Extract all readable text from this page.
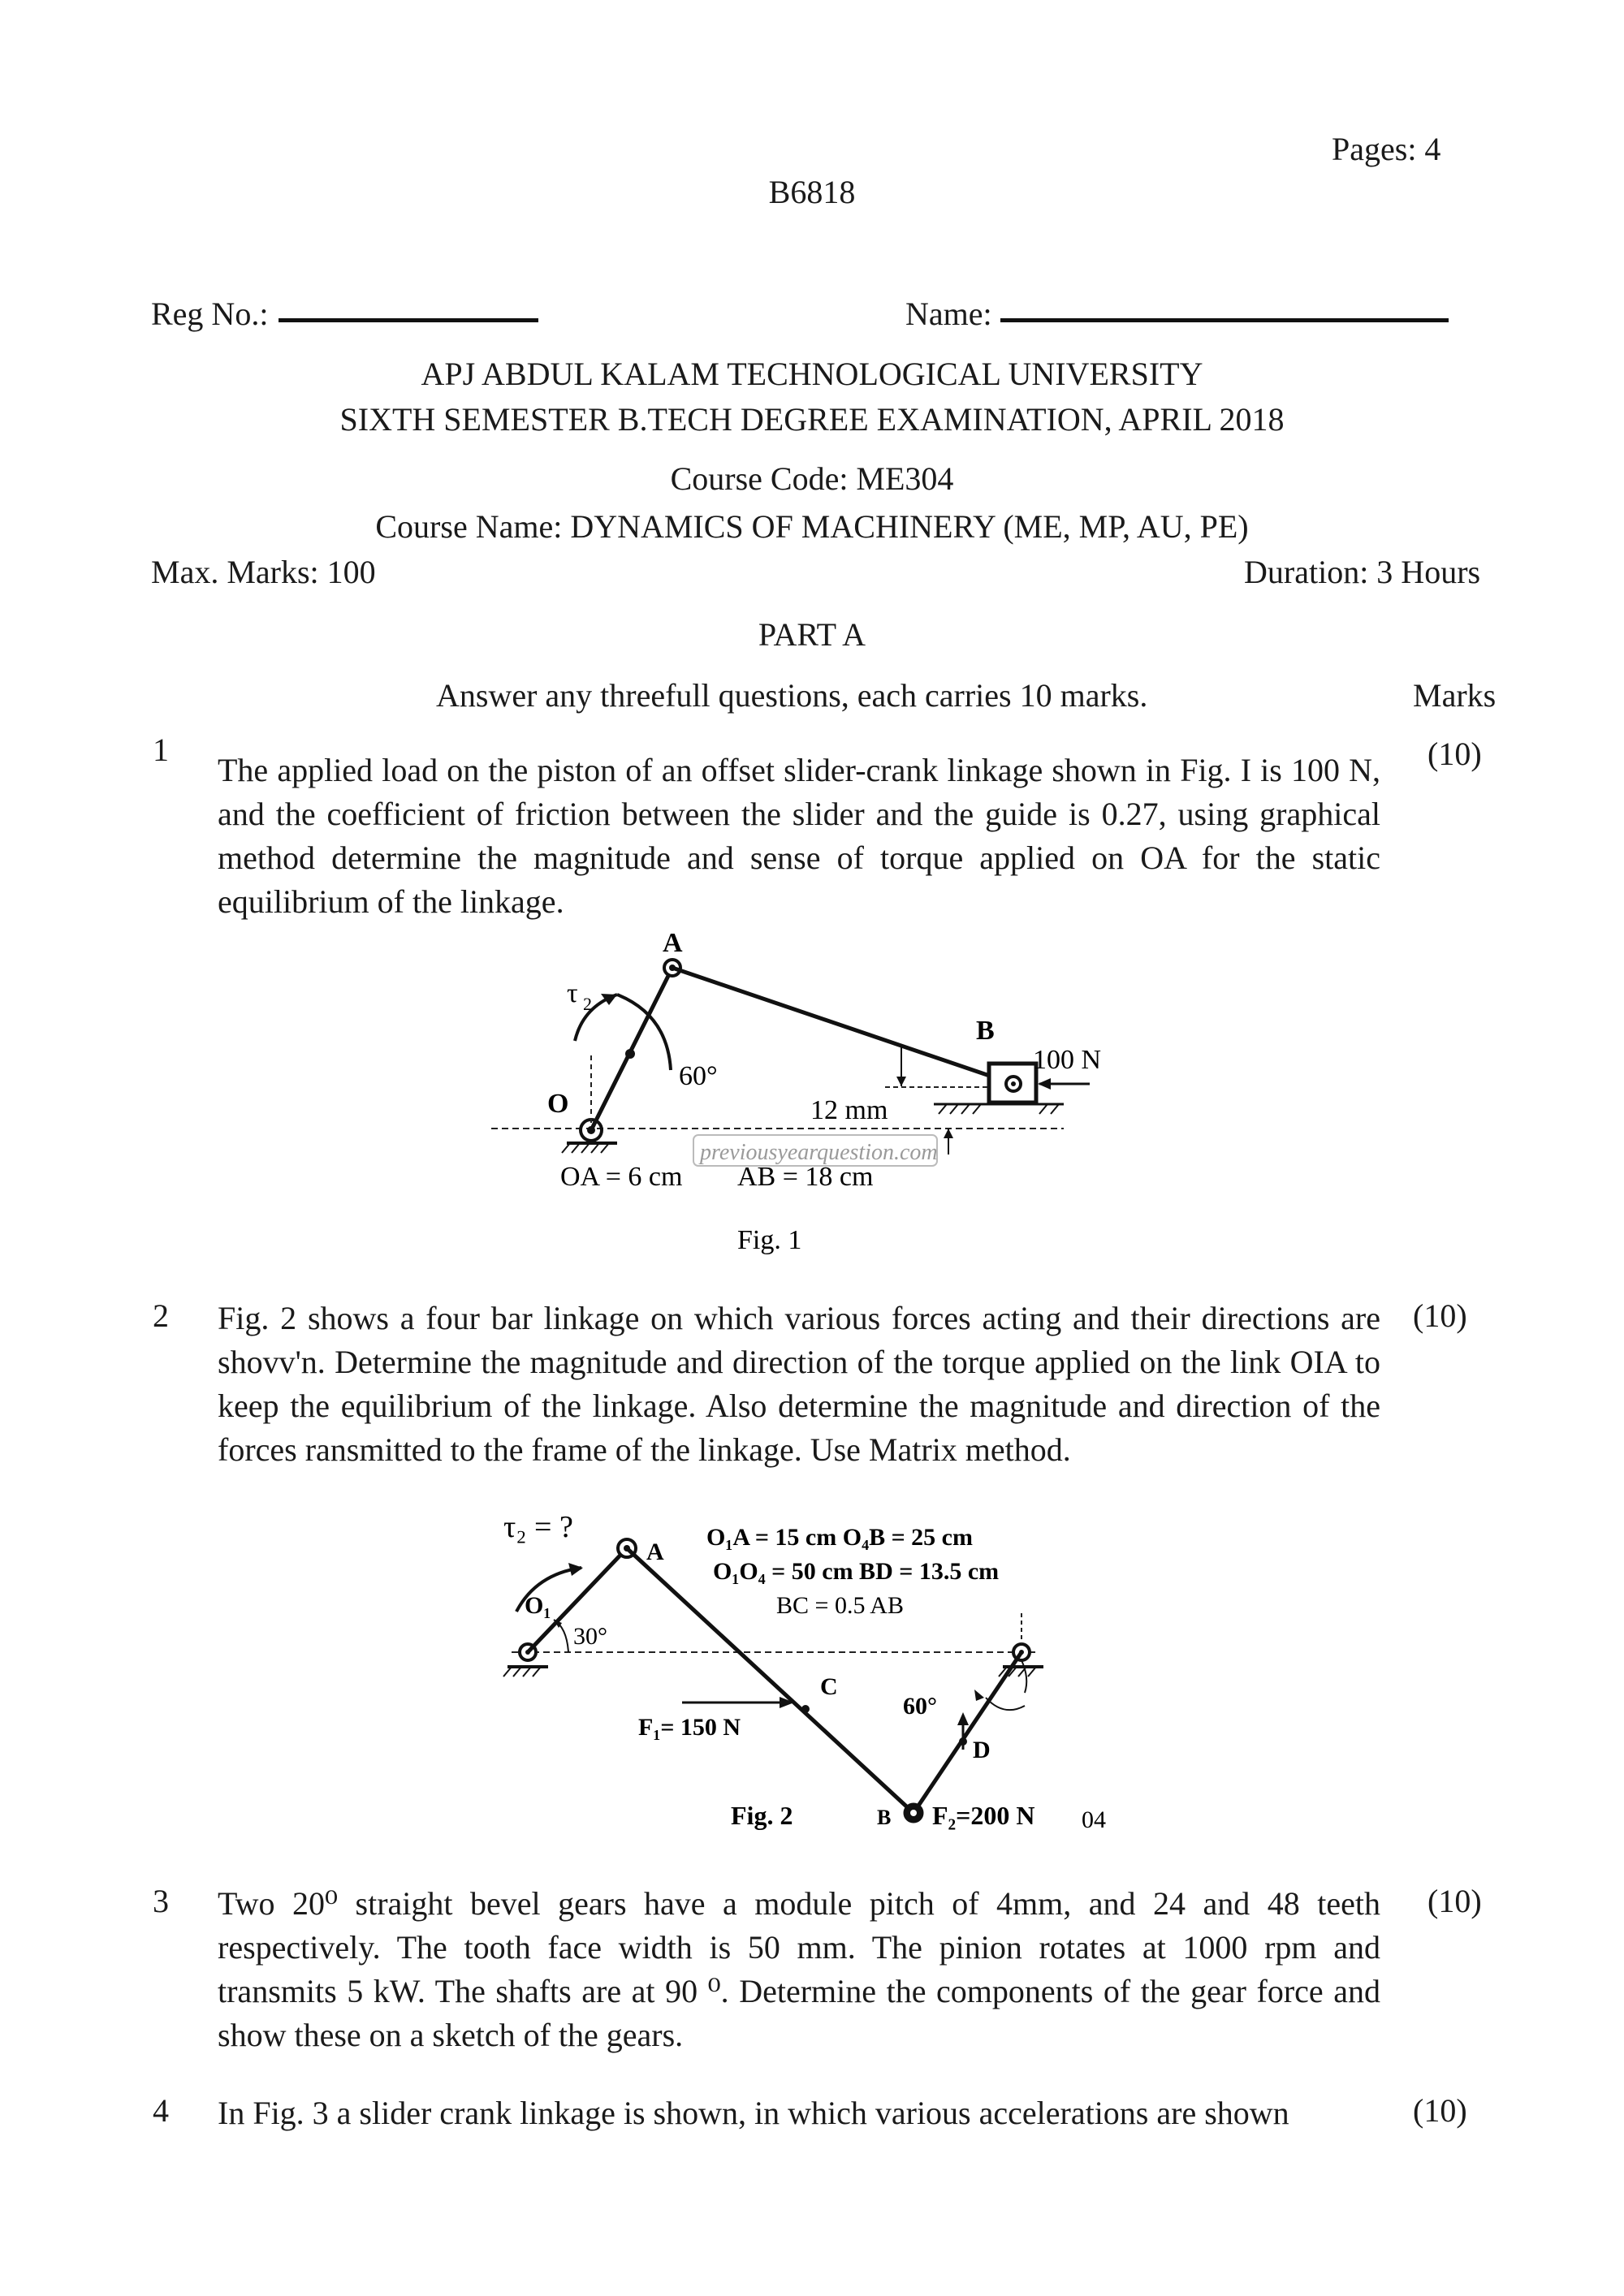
Pages: 4
B6818
Reg No.:	Name:
APJ ABDUL KALAM TECHNOLOGICAL UNIVERSITY
SIXTH SEMESTER B.TECH DEGREE EXAMINATION, APRIL 2018
Course Code: ME304
Course Name: DYNAMICS OF MACHINERY (ME, MP, AU, PE)
Max. Marks: 100	Duration: 3 Hours
PART A
Answer any threefull questions, each carries 10 marks.	Marks
1
The applied load on the piston of an offset slider-crank linkage shown in Fig. I is 100 N, and the coefficient of friction between the slider and the guide is 0.27, using graphical method determine the magnitude and sense of torque applied on OA for the static equilibrium of the linkage.
(10)
A
B
O
τ 2
60°
12 mm
100 N
previousyearquestion.com
OA = 6 cm AB = 18 cm
Fig. 1
2 Fig. 2 shows a four bar linkage on which various forces acting and their directions are shovv'n. Determine the magnitude and direction of the torque applied on the link OIA to keep the equilibrium of the linkage. Also determine the magnitude and direction of the forces ransmitted to the frame of the linkage. Use Matrix method.
(10)
τ₂ = ?
A
O₁
30°
O₁A = 15 cm O₄B = 25 cm
O₁O₄ = 50 cm BD = 13.5 cm
BC = 0.5 AB
C
F₁= 150 N
60°
D
B
Fig. 2	F₂=200 N 04
3 Two 20⁰ straight bevel gears have a module pitch of 4mm, and 24 and 48 teeth respectively. The tooth face width is 50 mm. The pinion rotates at 1000 rpm and transmits 5 kW. The shafts are at 90 ⁰. Determine the components of the gear force and show these on a sketch of the gears.
(10)
4 In Fig. 3 a slider crank linkage is shown, in which various accelerations are shown	(10)
